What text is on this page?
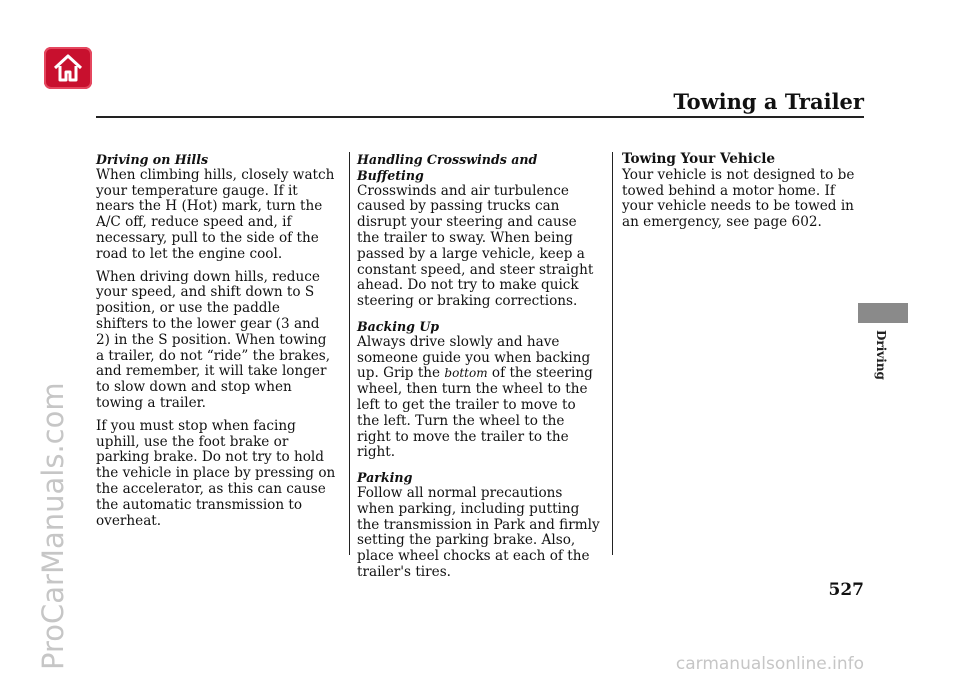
Towing a Trailer
Driving
Driving on Hills

When climbing hills, closely watch your temperature gauge. If it nears the H (Hot) mark, turn the A/C off, reduce speed and, if necessary, pull to the side of the road to let the engine cool.

When driving down hills, reduce your speed, and shift down to S position, or use the paddle shifters to the lower gear (3 and 2) in the S position. When towing a trailer, do not “ride” the brakes, and remember, it will take longer to slow down and stop when towing a trailer.

If you must stop when facing uphill, use the foot brake or parking brake. Do not try to hold the vehicle in place by pressing on the accelerator, as this can cause the automatic transmission to overheat.

Handling Crosswinds and Buffeting

Crosswinds and air turbulence caused by passing trucks can disrupt your steering and cause the trailer to sway. When being passed by a large vehicle, keep a constant speed, and steer straight ahead. Do not try to make quick steering or braking corrections.

Backing Up

Always drive slowly and have someone guide you when backing up. Grip the bottom of the steering wheel, then turn the wheel to the left to get the trailer to move to the left. Turn the wheel to the right to move the trailer to the right.

Parking

Follow all normal precautions when parking, including putting the transmission in Park and firmly setting the parking brake. Also, place wheel chocks at each of the trailer's tires.

Towing Your Vehicle

Your vehicle is not designed to be towed behind a motor home. If your vehicle needs to be towed in an emergency, see page 602.

527
ProCarManuals.com	carmanualsonline.info
